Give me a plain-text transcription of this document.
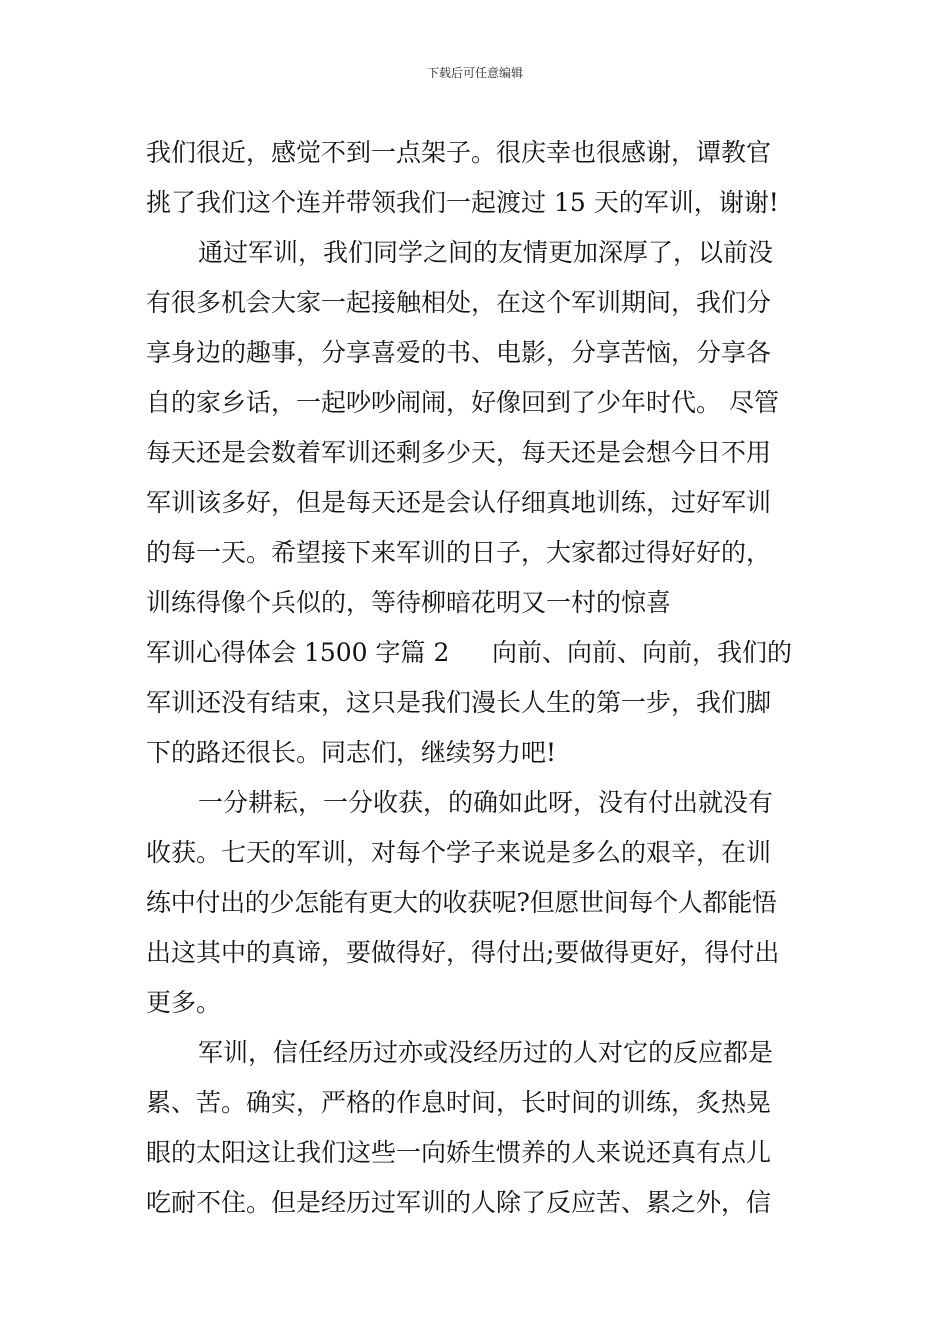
下载后可任意编辑
我们很近，感觉不到一点架子。很庆幸也很感谢，谭教官
挑了我们这个连并带领我们一起渡过 15 天的军训，谢谢!
通过军训，我们同学之间的友情更加深厚了，以前没
有很多机会大家一起接触相处，在这个军训期间，我们分
享身边的趣事，分享喜爱的书、电影，分享苦恼，分享各
自的家乡话，一起吵吵闹闹，好像回到了少年时代。 尽管
每天还是会数着军训还剩多少天，每天还是会想今日不用
军训该多好，但是每天还是会认仔细真地训练，过好军训
的每一天。希望接下来军训的日子，大家都过得好好的，
训练得像个兵似的，等待柳暗花明又一村的惊喜
军训心得体会 1500 字篇 2 向前、向前、向前，我们的
军训还没有结束，这只是我们漫长人生的第一步，我们脚
下的路还很长。同志们，继续努力吧!
一分耕耘，一分收获，的确如此呀，没有付出就没有
收获。七天的军训，对每个学子来说是多么的艰辛，在训
练中付出的少怎能有更大的收获呢?但愿世间每个人都能悟
出这其中的真谛，要做得好，得付出;要做得更好，得付出
更多。
军训，信任经历过亦或没经历过的人对它的反应都是
累、苦。确实，严格的作息时间，长时间的训练，炙热晃
眼的太阳这让我们这些一向娇生惯养的人来说还真有点儿
吃耐不住。但是经历过军训的人除了反应苦、累之外，信
